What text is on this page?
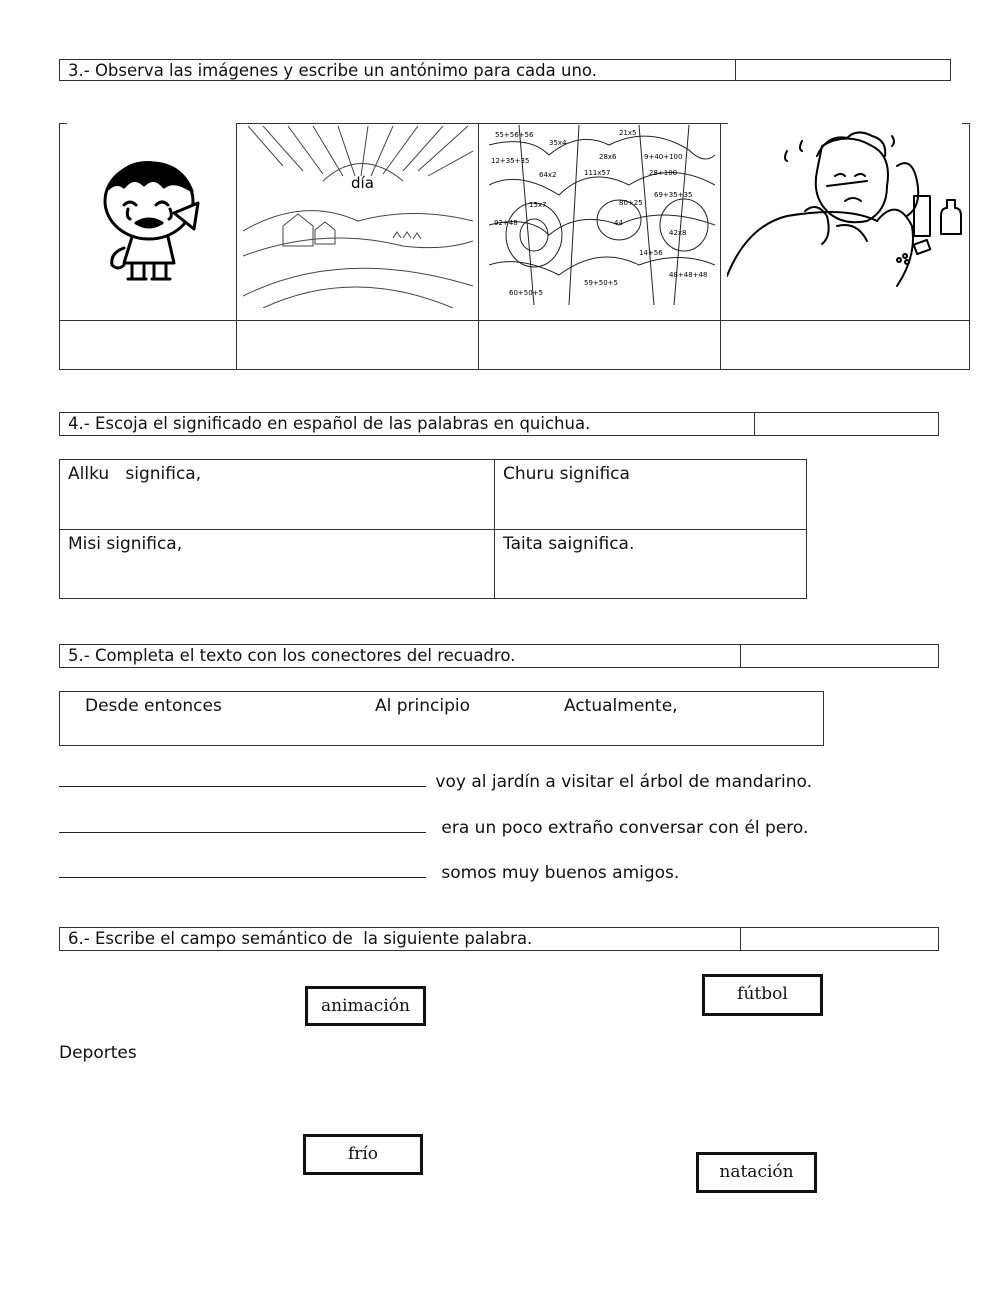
3.- Observa las imágenes y escribe un antónimo para cada uno.
día
55+56+56
35x4
21x5
28x6
111x57
9+40+100
64x2
12+35+35
28+100
15x7	80+25
69+35+35
92+48	44
42x8
14+56
48+48+48
60+50+5
59+50+5
4.- Escoja el significado en español de las palabras en quichua.
Allku   significa,	Churu significa
Misi significa,	Taita saignifica.
5.- Completa el texto con los conectores del recuadro.
Desde entonces	Al principio	Actualmente,
voy al jardín a visitar el árbol de mandarino.
era un poco extraño conversar con él pero.
somos muy buenos amigos.
6.- Escribe el campo semántico de  la siguiente palabra.
Deportes
animación
fútbol
frío
natación
